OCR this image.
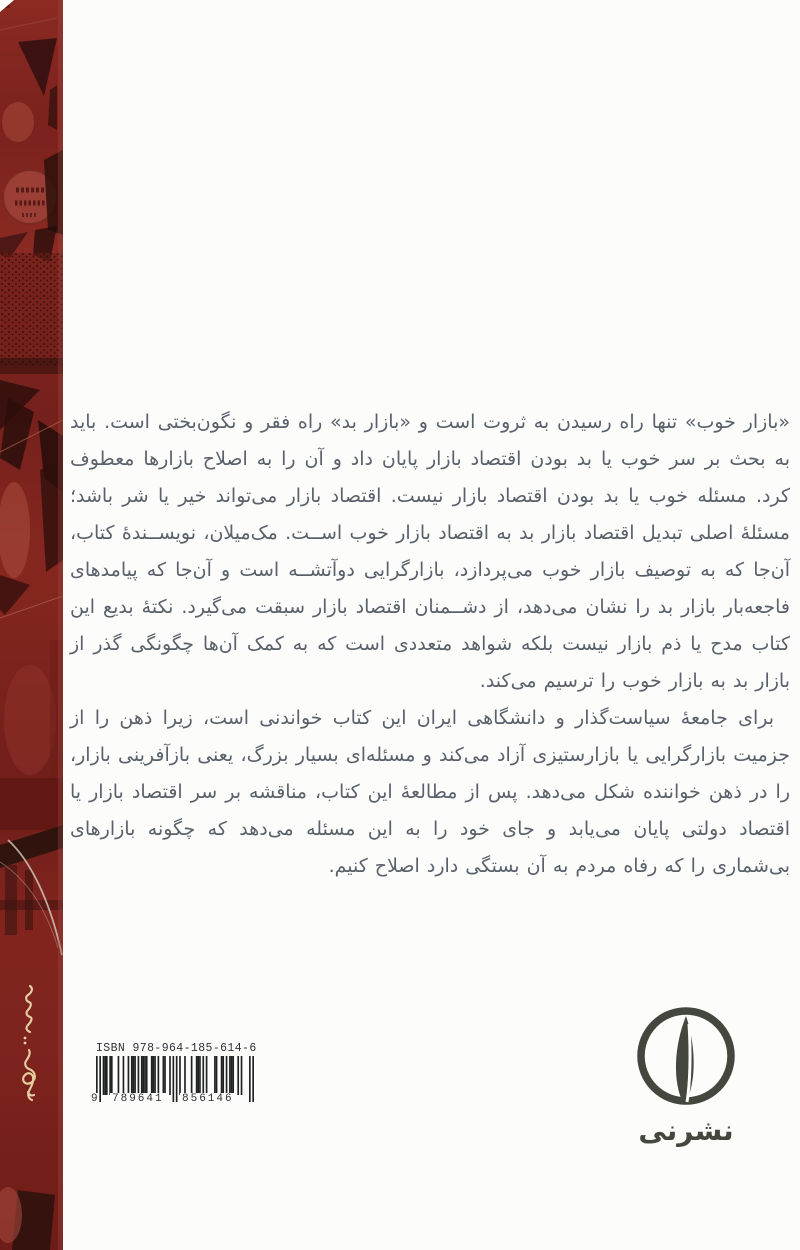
«بازار خوب» تنها راه رسیدن به ثروت است و «بازار بد» راه فقر و نگون‌بختی است. باید به بحث بر سر خوب یا بد بودن اقتصاد بازار پایان داد و آن را به اصلاح بازارها معطوف کرد. مسئله خوب یا بد بودن اقتصاد بازار نیست. اقتصاد بازار می‌تواند خیر یا شر باشد؛ مسئلهٔ اصلی تبدیل اقتصاد بازار بد به اقتصاد بازار خوب اســت. مک‌میلان، نویســندهٔ کتاب، آن‌جا که به توصیف بازار خوب می‌پردازد، بازارگرایی دوآتشــه است و آن‌جا که پیامدهای فاجعه‌بار بازار بد را نشان می‌دهد، از دشــمنان اقتصاد بازار سبقت می‌گیرد. نکتهٔ بدیع این کتاب مدح یا ذم بازار نیست بلکه شواهد متعددی است که به کمک آن‌ها چگونگی گذر از بازار بد به بازار خوب را ترسیم می‌کند.

برای جامعهٔ سیاست‌گذار و دانشگاهی ایران این کتاب خواندنی است، زیرا ذهن را از جزمیت بازارگرایی یا بازارستیزی آزاد می‌کند و مسئله‌ای بسیار بزرگ، یعنی بازآفرینی بازار، را در ذهن خواننده شکل می‌دهد. پس از مطالعهٔ این کتاب، مناقشه بر سر اقتصاد بازار یا اقتصاد دولتی پایان می‌یابد و جای خود را به این مسئله می‌دهد که چگونه بازارهای بی‌شماری را که رفاه مردم به آن بستگی دارد اصلاح کنیم.

ISBN 978-964-185-614-6
9 789641 856146
نشرنی
